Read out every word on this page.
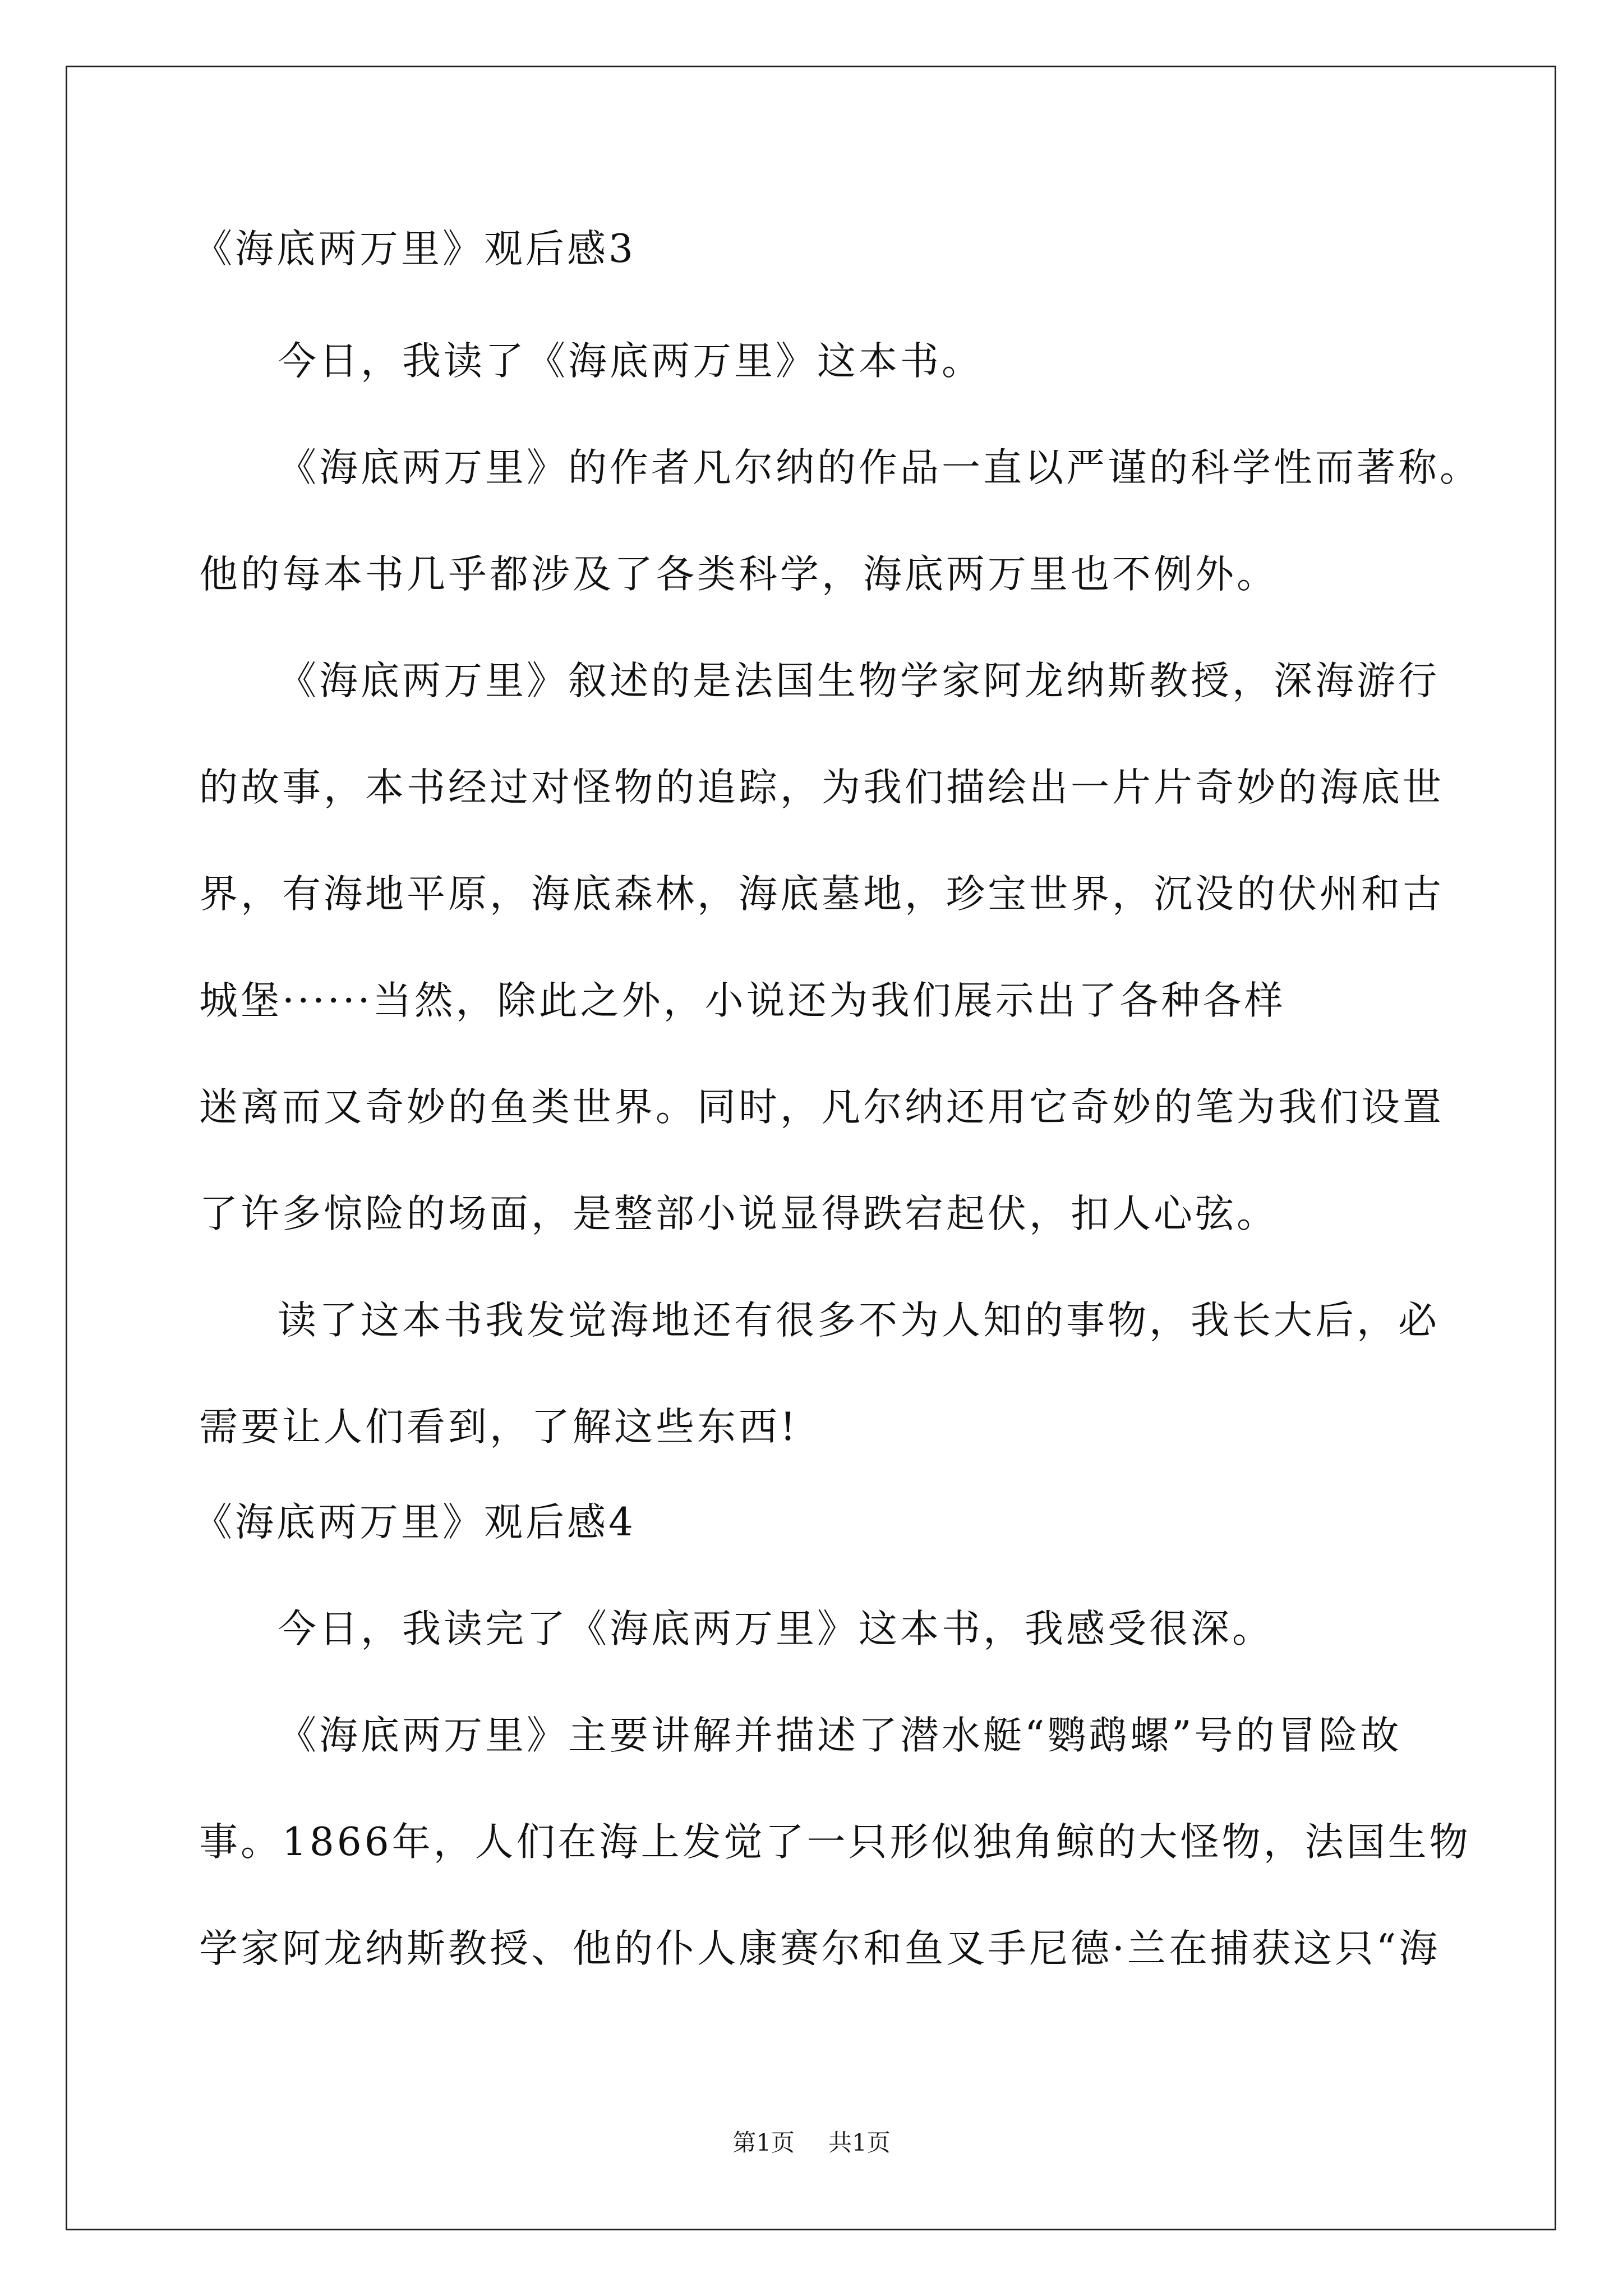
《海底两万里》观后感3
今日，我读了《海底两万里》这本书。
《海底两万里》的作者凡尔纳的作品一直以严谨的科学性而著称。
他的每本书几乎都涉及了各类科学，海底两万里也不例外。
《海底两万里》叙述的是法国生物学家阿龙纳斯教授，深海游行
的故事，本书经过对怪物的追踪，为我们描绘出一片片奇妙的海底世
界，有海地平原，海底森林，海底墓地，珍宝世界，沉没的伏州和古
城堡······当然，除此之外，小说还为我们展示出了各种各样
迷离而又奇妙的鱼类世界。同时，凡尔纳还用它奇妙的笔为我们设置
了许多惊险的场面，是整部小说显得跌宕起伏，扣人心弦。
读了这本书我发觉海地还有很多不为人知的事物，我长大后，必
需要让人们看到，了解这些东西!
《海底两万里》观后感4
今日，我读完了《海底两万里》这本书，我感受很深。
《海底两万里》主要讲解并描述了潜水艇“鹦鹉螺”号的冒险故
事。1866年，人们在海上发觉了一只形似独角鲸的大怪物，法国生物
学家阿龙纳斯教授、他的仆人康赛尔和鱼叉手尼德·兰在捕获这只“海
第1页 共1页
